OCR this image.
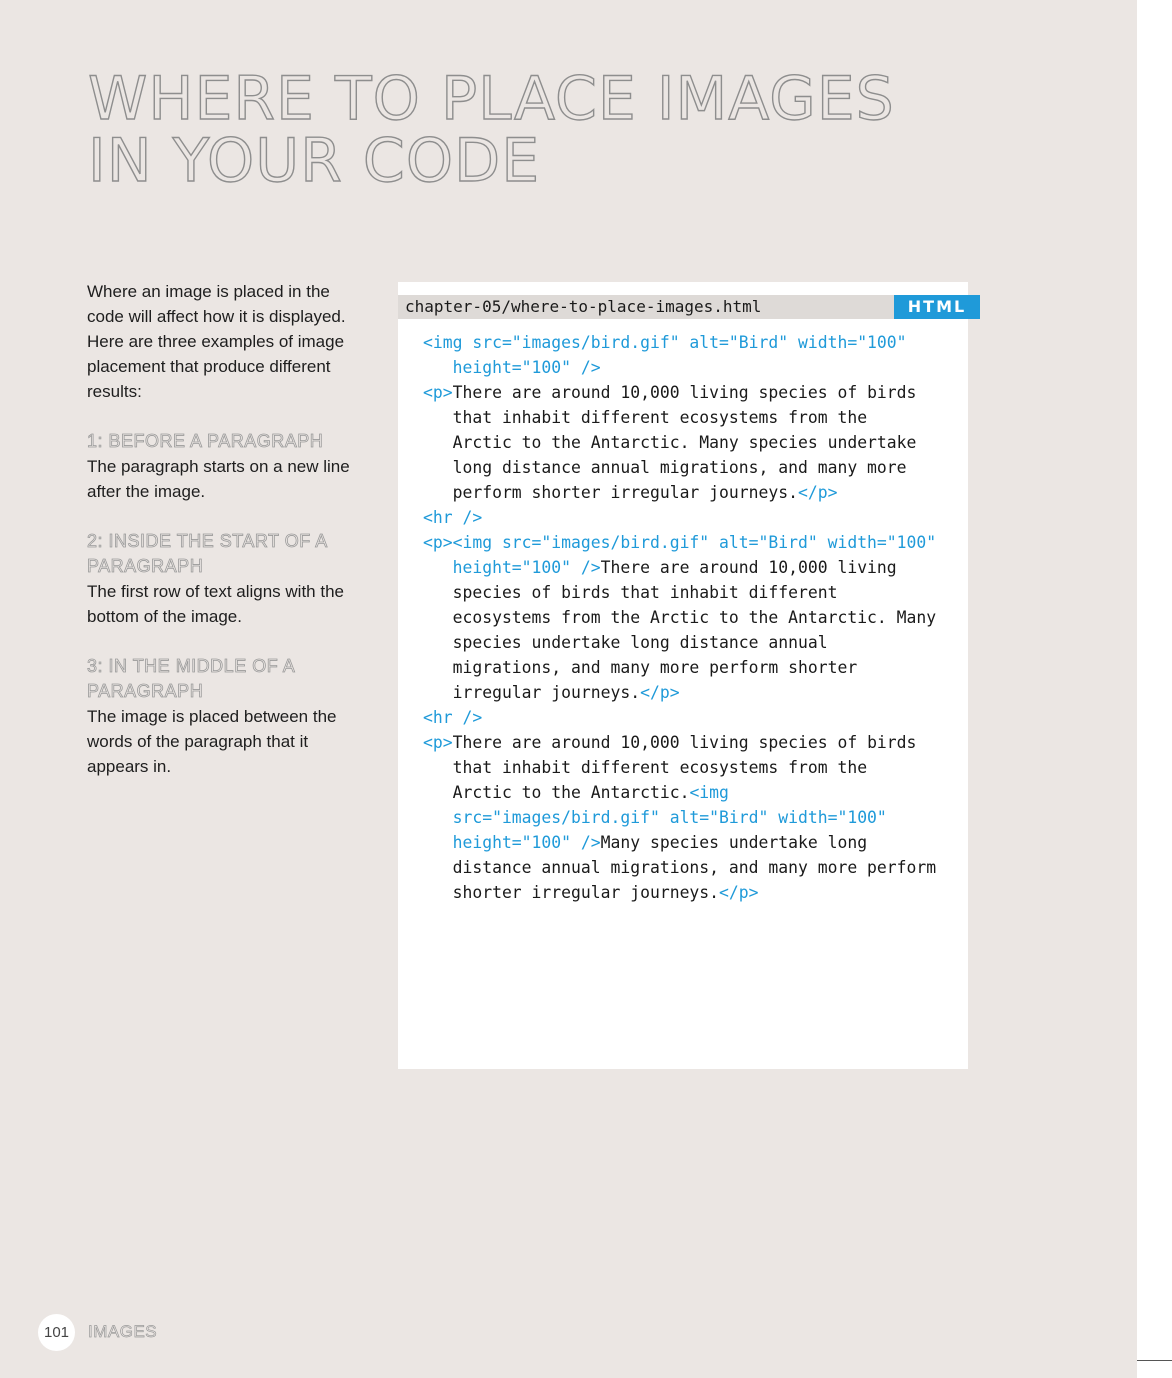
WHERE TO PLACE IMAGES
IN YOUR CODE

Where an image is placed in the code will affect how it is displayed. Here are three examples of image placement that produce different results:

1: BEFORE A PARAGRAPH

The paragraph starts on a new line after the image.

2: INSIDE THE START OF A PARAGRAPH

The first row of text aligns with the bottom of the image.

3: IN THE MIDDLE OF A PARAGRAPH

The image is placed between the words of the paragraph that it appears in.

chapter-05/where-to-place-images.html	HTML
<img src="images/bird.gif" alt="Bird" width="100"
height="100" />
<p>There are around 10,000 living species of birds
that inhabit different ecosystems from the
Arctic to the Antarctic. Many species undertake
long distance annual migrations, and many more
perform shorter irregular journeys.</p>
<hr />
<p><img src="images/bird.gif" alt="Bird" width="100"
height="100" />There are around 10,000 living
species of birds that inhabit different
ecosystems from the Arctic to the Antarctic. Many
species undertake long distance annual
migrations, and many more perform shorter
irregular journeys.</p>
<hr />
<p>There are around 10,000 living species of birds
that inhabit different ecosystems from the
Arctic to the Antarctic.<img
src="images/bird.gif" alt="Bird" width="100"
height="100" />Many species undertake long
distance annual migrations, and many more perform
shorter irregular journeys.</p>

101	IMAGES
